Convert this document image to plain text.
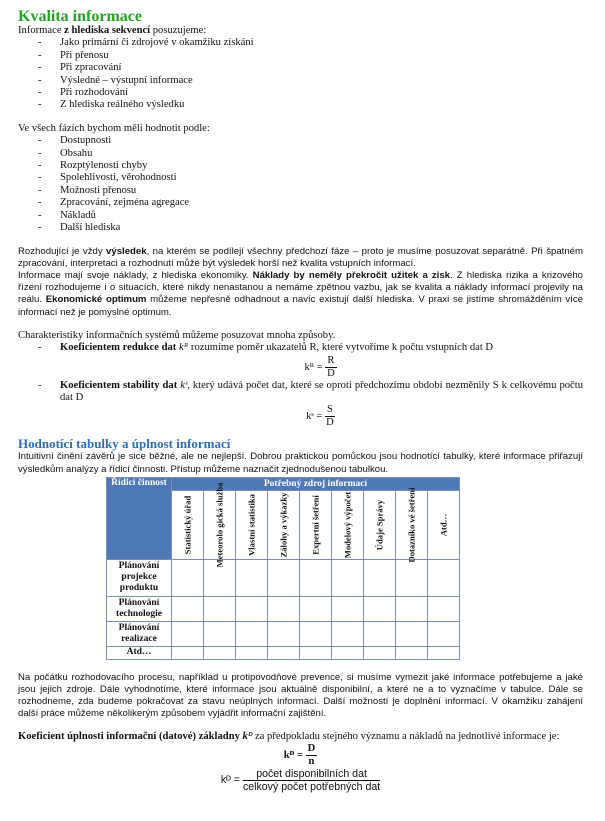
Kvalita informace

Informace z hlediska sekvencí posuzujeme:

- Jako primární či zdrojové v okamžiku získání
- Při přenosu
- Při zpracování
- Výsledné – výstupní informace
- Při rozhodování
- Z hlediska reálného výsledku

Ve všech fázích bychom měli hodnotit podle:

- Dostupnosti
- Obsahu
- Rozptýlenosti chyby
- Spolehlivosti, věrohodnosti
- Možnosti přenosu
- Zpracování, zejména agregace
- Nákladů
- Další hlediska

Rozhodující je vždy výsledek, na kterém se podílejí všechny předchozí fáze – proto je musíme posuzovat separátně. Při špatném zpracování, interpretaci a rozhodnutí může být výsledek horší než kvalita vstupních informací.

Informace mají svoje náklady, z hlediska ekonomiky. Náklady by neměly překročit užitek a zisk. Z hlediska rizika a krizového řízení rozhodujeme i o situacích, které nikdy nenastanou a nemáme zpětnou vazbu, jak se kvalita a náklady informací projevily na reálu. Ekonomické optimum můžeme nepřesně odhadnout a navíc existují další hlediska. V praxi se jistíme shromážděním více informací než je pomyslné optimum.

Charakteristiky informačních systémů můžeme posuzovat mnoha způsoby.

- Koeficientem redukce dat kᴿ rozumíme poměr ukazatelů R, které vytvoříme k počtu vstupních dat D

kᴿ = $\frac{R}{D}$

- Koeficientem stability dat kˢ, který udává počet dat, které se oproti předchozímu období nezměnily S k celkovému počtu dat D

kˢ = $\frac{S}{D}$

Hodnotící tabulky a úplnost informací

Intuitivní činění závěrů je sice běžné, ale ne nejlepší. Dobrou praktickou pomůckou jsou hodnotící tabulky, které informace přiřazují výsledkům analýzy a řídicí činnosti. Přístup můžeme naznačit zjednodušenou tabulkou.

Řídicí činnost	Potřebný zdroj informací								

	Statistický úřad	Meteorolo gická služba	Vlastní statistika	Zálohy a výkazky	Expertní šetření	Modelový výpočet	Údaje Správy	Dotazníko vé šetření	Atd…

Plánování projekce produktu									
Plánování technologie									
Plánování realizace									
Atd…									

Na počátku rozhodovacího procesu, například u protipovodňové prevence, si musíme vymezit jaké informace potřebujeme a jaké jsou jejich zdroje. Dále vyhodnotíme, které informace jsou aktuálně disponibilní, a které ne a to vyznačíme v tabulce. Dále se rozhodneme, zda budeme pokračovat za stavu neúplných informací. Další možností je doplnění informací. V okamžiku zahájení další práce můžeme několikerým způsobem vyjádřit informační zajištění.

Koeficient úplnosti informační (datové) základny kᴰ za předpokladu stejného významu a nákladů na jednotlivé informace je:

kᴰ = $\frac{D}{n}$

kᴰ = $\frac{\text{počet disponibilních dat}}{\text{celkový počet potřebných dat}}$
